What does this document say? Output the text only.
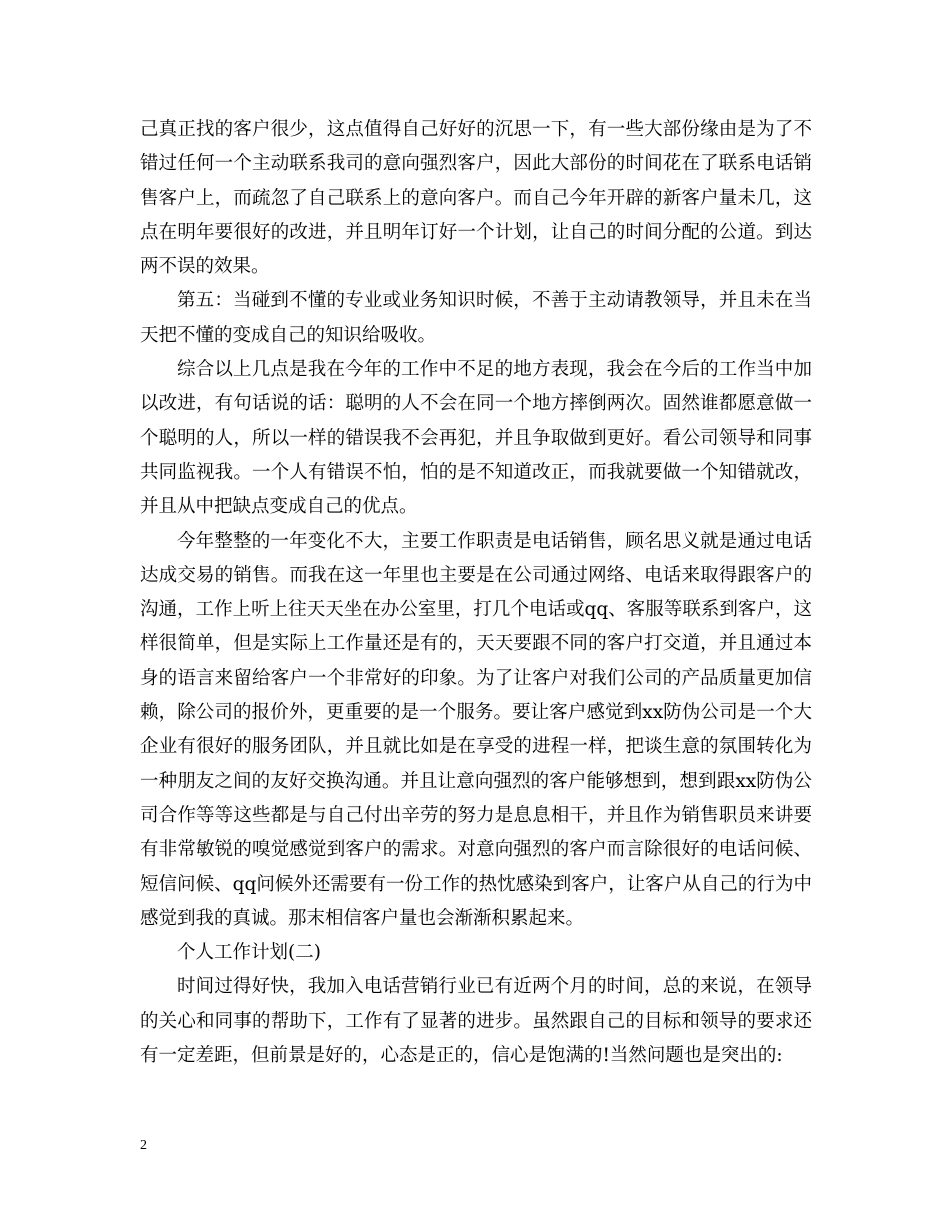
己真正找的客户很少，这点值得自己好好的沉思一下，有一些大部份缘由是为了不错过任何一个主动联系我司的意向强烈客户，因此大部份的时间花在了联系电话销售客户上，而疏忽了自己联系上的意向客户。而自己今年开辟的新客户量未几，这点在明年要很好的改进，并且明年订好一个计划，让自己的时间分配的公道。到达两不误的效果。

第五：当碰到不懂的专业或业务知识时候，不善于主动请教领导，并且未在当天把不懂的变成自己的知识给吸收。

综合以上几点是我在今年的工作中不足的地方表现，我会在今后的工作当中加以改进，有句话说的话：聪明的人不会在同一个地方摔倒两次。固然谁都愿意做一个聪明的人，所以一样的错误我不会再犯，并且争取做到更好。看公司领导和同事共同监视我。一个人有错误不怕，怕的是不知道改正，而我就要做一个知错就改，并且从中把缺点变成自己的优点。

今年整整的一年变化不大，主要工作职责是电话销售，顾名思义就是通过电话达成交易的销售。而我在这一年里也主要是在公司通过网络、电话来取得跟客户的沟通，工作上听上往天天坐在办公室里，打几个电话或qq、客服等联系到客户，这样很简单，但是实际上工作量还是有的，天天要跟不同的客户打交道，并且通过本身的语言来留给客户一个非常好的印象。为了让客户对我们公司的产品质量更加信赖，除公司的报价外，更重要的是一个服务。要让客户感觉到xx防伪公司是一个大企业有很好的服务团队，并且就比如是在享受的进程一样，把谈生意的氛围转化为一种朋友之间的友好交换沟通。并且让意向强烈的客户能够想到，想到跟xx防伪公司合作等等这些都是与自己付出辛劳的努力是息息相干，并且作为销售职员来讲要有非常敏锐的嗅觉感觉到客户的需求。对意向强烈的客户而言除很好的电话问候、短信问候、qq问候外还需要有一份工作的热忱感染到客户，让客户从自己的行为中感觉到我的真诚。那末相信客户量也会渐渐积累起来。

个人工作计划(二)

时间过得好快，我加入电话营销行业已有近两个月的时间，总的来说，在领导的关心和同事的帮助下，工作有了显著的进步。虽然跟自己的目标和领导的要求还有一定差距，但前景是好的，心态是正的，信心是饱满的!当然问题也是突出的:

2
